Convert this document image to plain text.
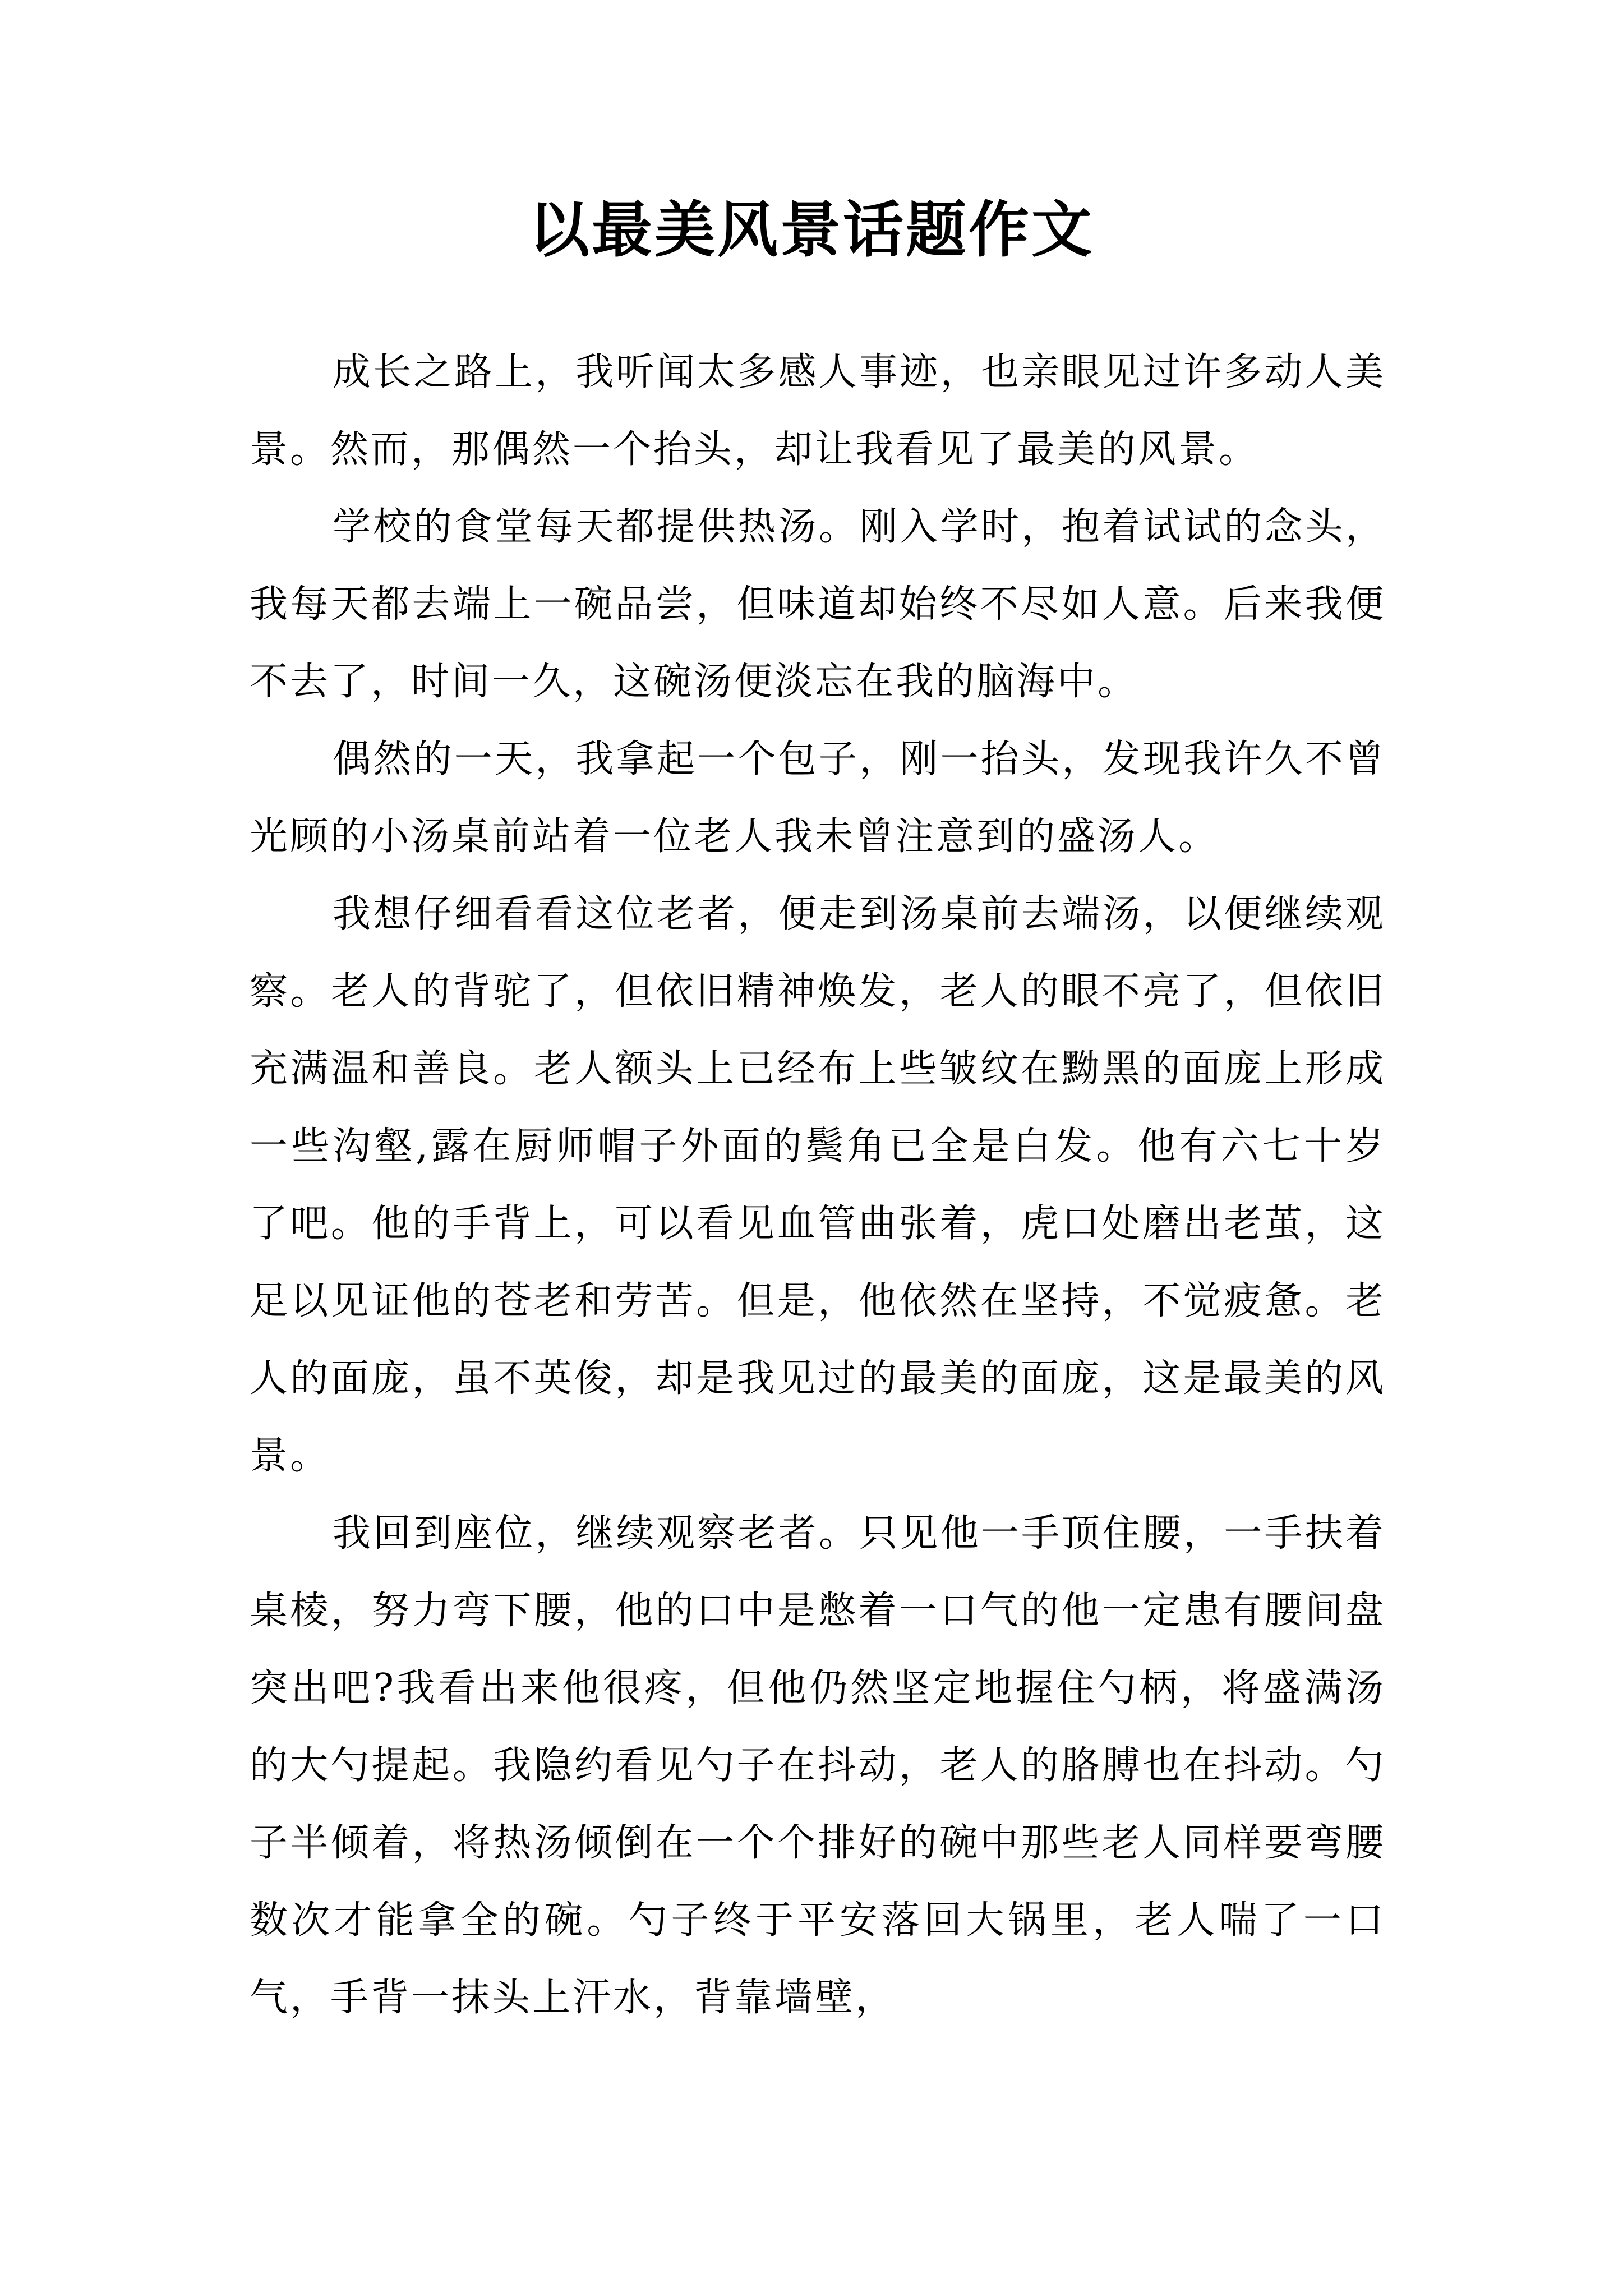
以最美风景话题作文

成长之路上，我听闻太多感人事迹，也亲眼见过许多动人美景。然而，那偶然一个抬头，却让我看见了最美的风景。

学校的食堂每天都提供热汤。刚入学时，抱着试试的念头，我每天都去端上一碗品尝，但味道却始终不尽如人意。后来我便不去了，时间一久，这碗汤便淡忘在我的脑海中。

偶然的一天，我拿起一个包子，刚一抬头，发现我许久不曾光顾的小汤桌前站着一位老人我未曾注意到的盛汤人。

我想仔细看看这位老者，便走到汤桌前去端汤，以便继续观察。老人的背驼了，但依旧精神焕发，老人的眼不亮了，但依旧充满温和善良。老人额头上已经布上些皱纹在黝黑的面庞上形成一些沟壑,露在厨师帽子外面的鬓角已全是白发。他有六七十岁了吧。他的手背上，可以看见血管曲张着，虎口处磨出老茧，这足以见证他的苍老和劳苦。但是，他依然在坚持，不觉疲惫。老人的面庞，虽不英俊，却是我见过的最美的面庞，这是最美的风景。

我回到座位，继续观察老者。只见他一手顶住腰，一手扶着桌棱，努力弯下腰，他的口中是憋着一口气的他一定患有腰间盘突出吧?我看出来他很疼，但他仍然坚定地握住勺柄，将盛满汤的大勺提起。我隐约看见勺子在抖动，老人的胳膊也在抖动。勺子半倾着，将热汤倾倒在一个个排好的碗中那些老人同样要弯腰数次才能拿全的碗。勺子终于平安落回大锅里，老人喘了一口气，手背一抹头上汗水，背靠墙壁，
